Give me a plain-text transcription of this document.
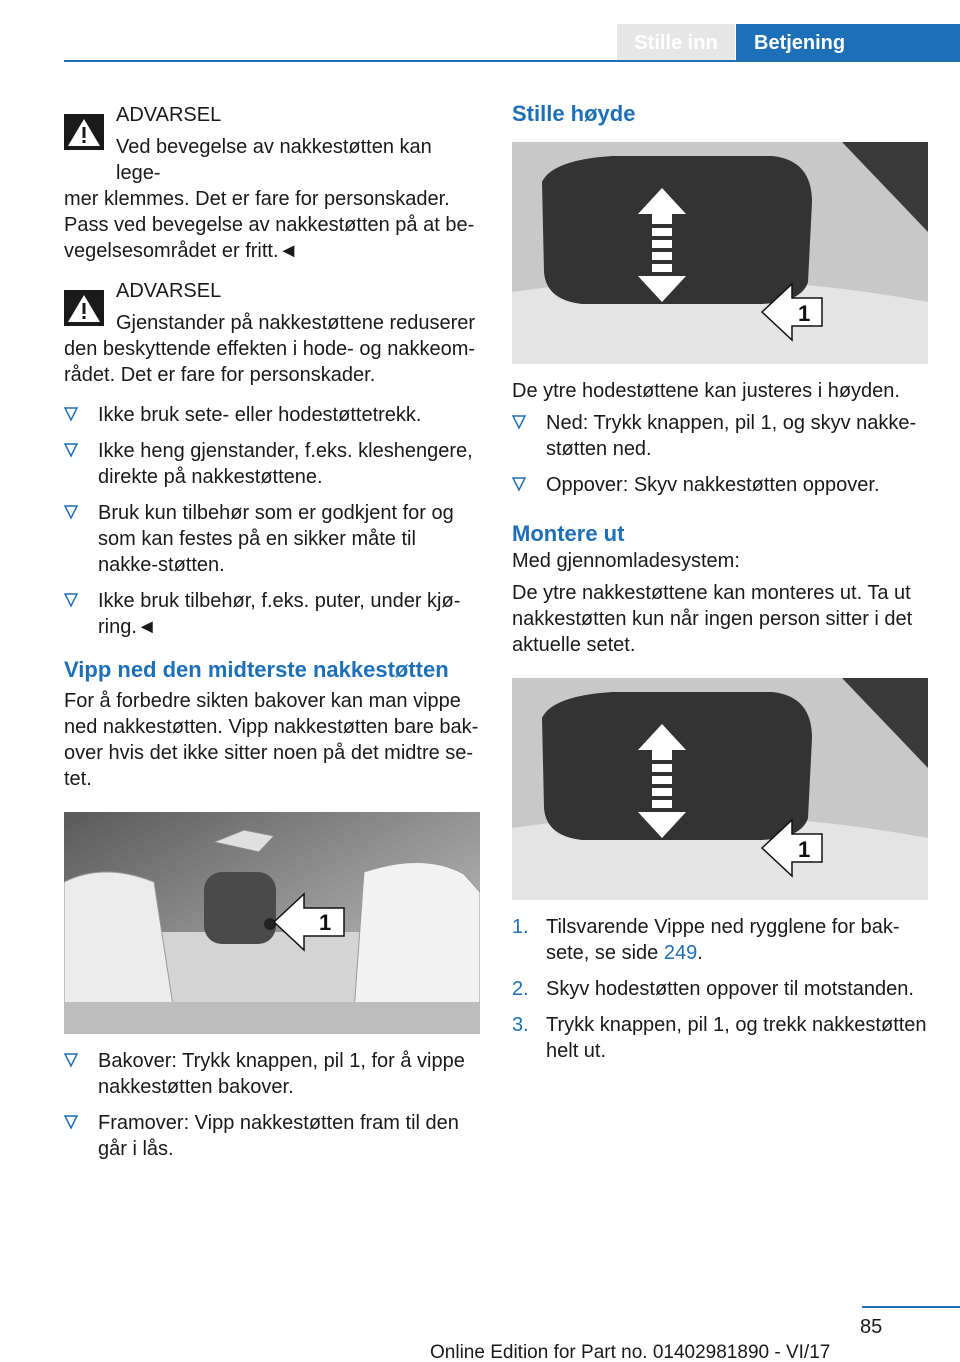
Stille inn	Betjening
ADVARSEL
Ved bevegelse av nakkestøtten kan lege-
mer klemmes. Det er fare for personskader. Pass ved bevegelse av nakkestøtten på at be-vegelsesområdet er fritt.◄
ADVARSEL
Gjenstander på nakkestøttene reduserer
den beskyttende effekten i hode- og nakkeom-rådet. Det er fare for personskader.
Ikke bruk sete- eller hodestøttetrekk.
Ikke heng gjenstander, f.eks. kleshengere, direkte på nakkestøttene.
Bruk kun tilbehør som er godkjent for og som kan festes på en sikker måte til nakke-støtten.
Ikke bruk tilbehør, f.eks. puter, under kjø-ring.◄
Vipp ned den midterste nakkestøtten

For å forbedre sikten bakover kan man vippe ned nakkestøtten. Vipp nakkestøtten bare bak-over hvis det ikke sitter noen på det midtre se-tet.

1
Bakover: Trykk knappen, pil 1, for å vippe nakkestøtten bakover.
Framover: Vipp nakkestøtten fram til den går i lås.
Stille høyde
1

De ytre hodestøttene kan justeres i høyden.

Ned: Trykk knappen, pil 1, og skyv nakke-støtten ned.
Oppover: Skyv nakkestøtten oppover.
Montere ut

Med gjennomladesystem:

De ytre nakkestøttene kan monteres ut. Ta ut nakkestøtten kun når ingen person sitter i det aktuelle setet.

1
1. Tilsvarende Vippe ned rygglene for bak-sete, se side 249.
2. Skyv hodestøtten oppover til motstanden.
3. Trykk knappen, pil 1, og trekk nakkestøtten helt ut.
85
Online Edition for Part no. 01402981890 - VI/17
